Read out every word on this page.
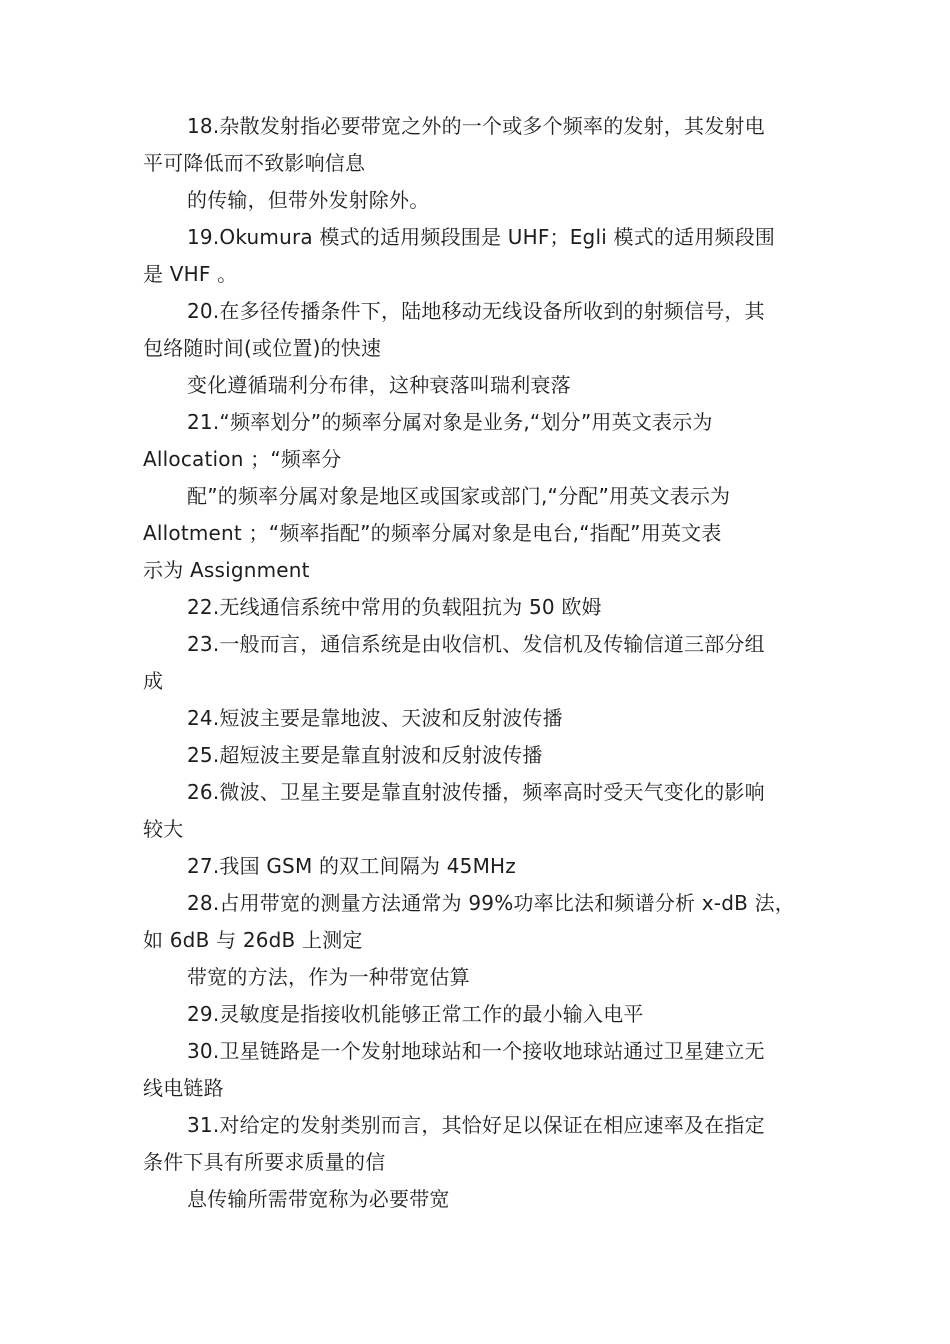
18.杂散发射指必要带宽之外的一个或多个频率的发射，其发射电
平可降低而不致影响信息
的传输，但带外发射除外。
19.Okumura 模式的适用频段围是 UHF；Egli 模式的适用频段围
是 VHF 。
20.在多径传播条件下，陆地移动无线设备所收到的射频信号，其
包络随时间(或位置)的快速
变化遵循瑞利分布律，这种衰落叫瑞利衰落
21.“频率划分”的频率分属对象是业务,“划分”用英文表示为
Allocation ；“频率分
配”的频率分属对象是地区或国家或部门,“分配”用英文表示为
Allotment ；“频率指配”的频率分属对象是电台,“指配”用英文表
示为 Assignment
22.无线通信系统中常用的负载阻抗为 50 欧姆
23.一般而言，通信系统是由收信机、发信机及传输信道三部分组
成
24.短波主要是靠地波、天波和反射波传播
25.超短波主要是靠直射波和反射波传播
26.微波、卫星主要是靠直射波传播，频率高时受天气变化的影响
较大
27.我国 GSM 的双工间隔为 45MHz
28.占用带宽的测量方法通常为 99%功率比法和频谱分析 x-dB 法，
如 6dB 与 26dB 上测定
带宽的方法，作为一种带宽估算
29.灵敏度是指接收机能够正常工作的最小输入电平
30.卫星链路是一个发射地球站和一个接收地球站通过卫星建立无
线电链路
31.对给定的发射类别而言，其恰好足以保证在相应速率及在指定
条件下具有所要求质量的信
息传输所需带宽称为必要带宽
